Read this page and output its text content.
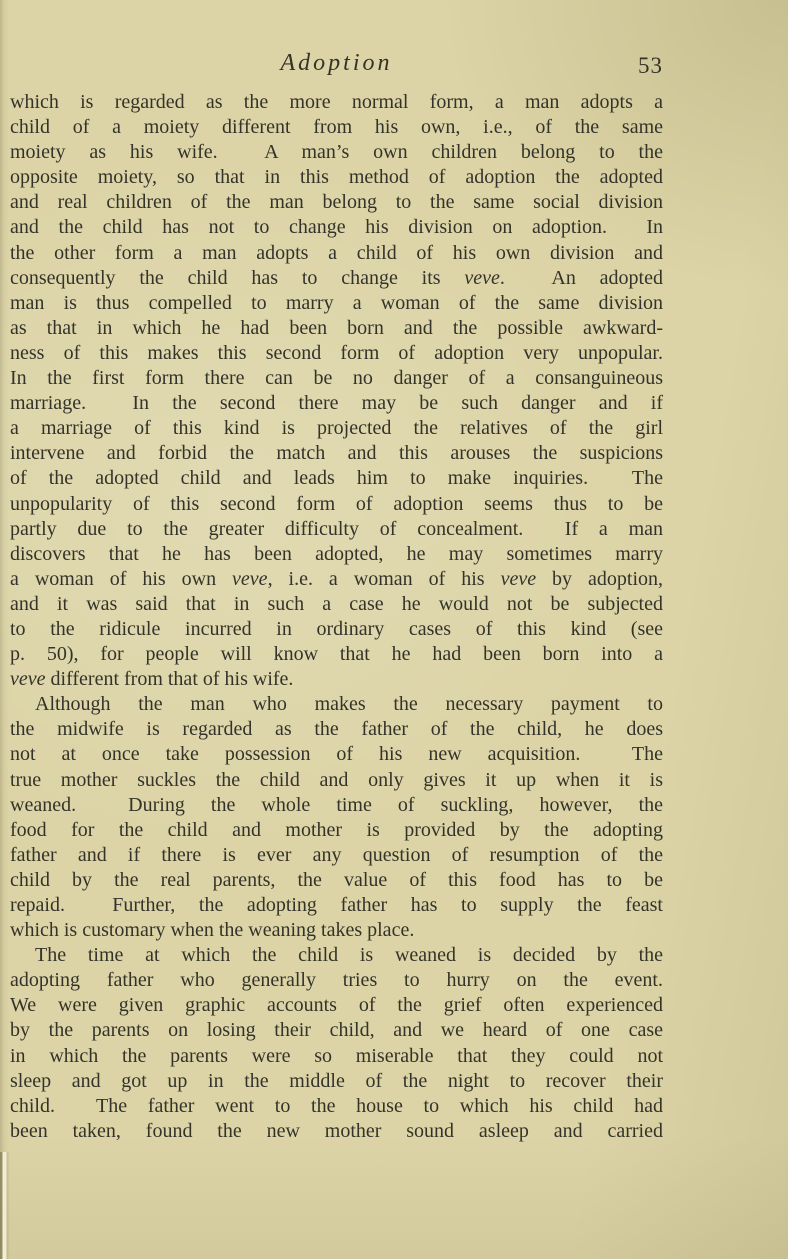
Adoption	53
which is regarded as the more normal form, a man adopts a
child of a moiety different from his own, i.e., of the same
moiety as his wife.  A man’s own children belong to the
opposite moiety, so that in this method of adoption the adopted
and real children of the man belong to the same social division
and the child has not to change his division on adoption.  In
the other form a man adopts a child of his own division and
consequently the child has to change its veve.  An adopted
man is thus compelled to marry a woman of the same division
as that in which he had been born and the possible awkward-
ness of this makes this second form of adoption very unpopular.
In the first form there can be no danger of a consanguineous
marriage.  In the second there may be such danger and if
a marriage of this kind is projected the relatives of the girl
intervene and forbid the match and this arouses the suspicions
of the adopted child and leads him to make inquiries.  The
unpopularity of this second form of adoption seems thus to be
partly due to the greater difficulty of concealment.  If a man
discovers that he has been adopted, he may sometimes marry
a woman of his own veve, i.e. a woman of his veve by adoption,
and it was said that in such a case he would not be subjected
to the ridicule incurred in ordinary cases of this kind (see
p. 50), for people will know that he had been born into a
veve different from that of his wife.
Although the man who makes the necessary payment to
the midwife is regarded as the father of the child, he does
not at once take possession of his new acquisition.  The
true mother suckles the child and only gives it up when it is
weaned.  During the whole time of suckling, however, the
food for the child and mother is provided by the adopting
father and if there is ever any question of resumption of the
child by the real parents, the value of this food has to be
repaid.  Further, the adopting father has to supply the feast
which is customary when the weaning takes place.
The time at which the child is weaned is decided by the
adopting father who generally tries to hurry on the event.
We were given graphic accounts of the grief often experienced
by the parents on losing their child, and we heard of one case
in which the parents were so miserable that they could not
sleep and got up in the middle of the night to recover their
child.  The father went to the house to which his child had
been taken, found the new mother sound asleep and carried
